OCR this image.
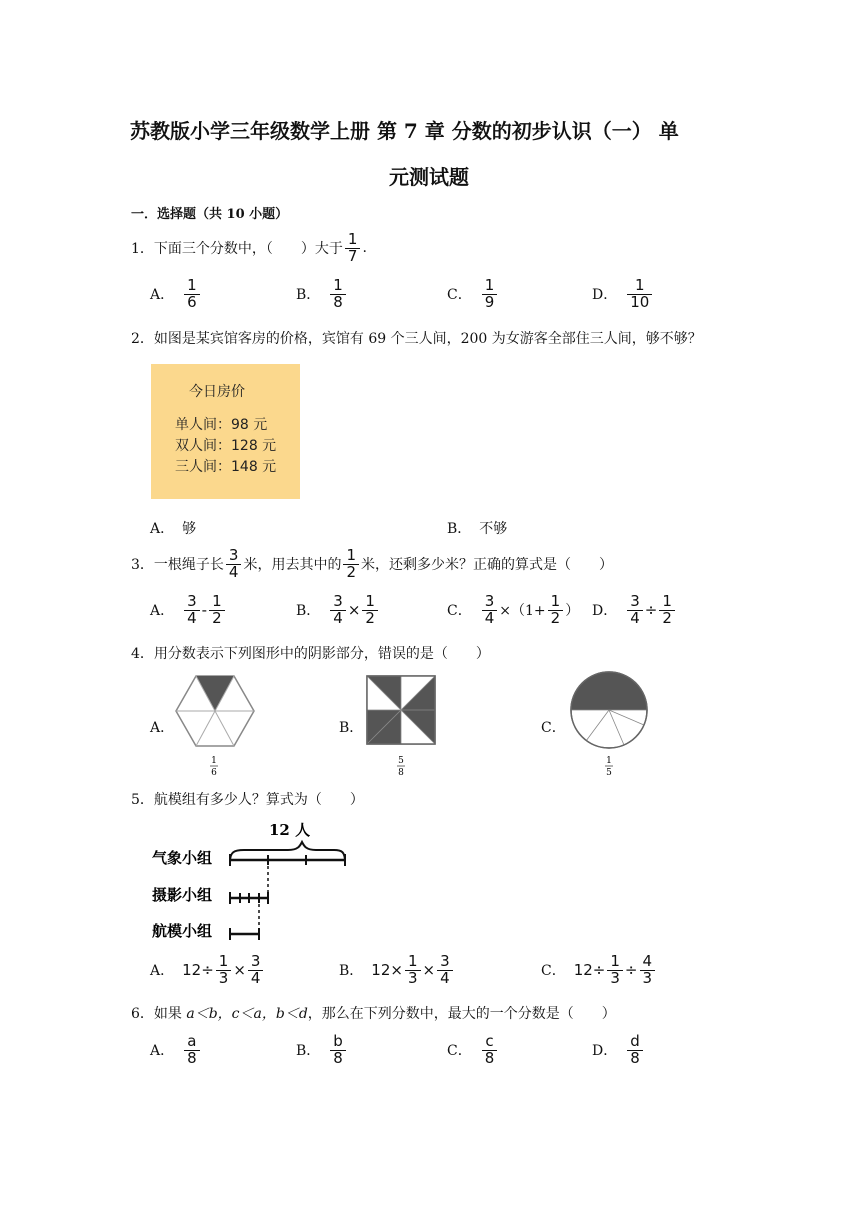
苏教版小学三年级数学上册 第 7 章 分数的初步认识（一） 单
元测试题
一．选择题（共 10 小题）
1．下面三个分数中，（　　）大于 $\frac{1}{7}$ .
A． $\frac{1}{6}$	B． $\frac{1}{8}$	C． $\frac{1}{9}$	D． $\frac{1}{10}$
2．如图是某宾馆客房的价格，宾馆有 69 个三人间，200 为女游客全部住三人间，够不够？
今日房价
单人间：98 元
双人间：128 元
三人间：148 元
A． 够	B． 不够
3．一根绳子长 $\frac{3}{4}$ 米，用去其中的 $\frac{1}{2}$ 米，还剩多少米？正确的算式是（　　）
A． $\frac{3}{4} - \frac{1}{2}$	B． $\frac{3}{4} \times \frac{1}{2}$	C． $\frac{3}{4} \times(1+ \frac{1}{2}$ ） D． $\frac{3}{4} \div \frac{1}{2}$
4．用分数表示下列图形中的阴影部分，错误的是（　　）
A．
1
6
B．
5
8
C．
1
5
5．航模组有多少人？算式为（　　）
12 人
气象小组
摄影小组
航模小组
A． $12\div \frac{1}{3} \times \frac{3}{4}$	B． $12\times \frac{1}{3} \times \frac{3}{4}$	C． $12\div \frac{1}{3} \div \frac{4}{3}$
6．如果 a＜b，c＜a，b＜d，那么在下列分数中，最大的一个分数是（　　）
A． $\frac{a}{8}$	B． $\frac{b}{8}$	C． $\frac{c}{8}$	D． $\frac{d}{8}$
